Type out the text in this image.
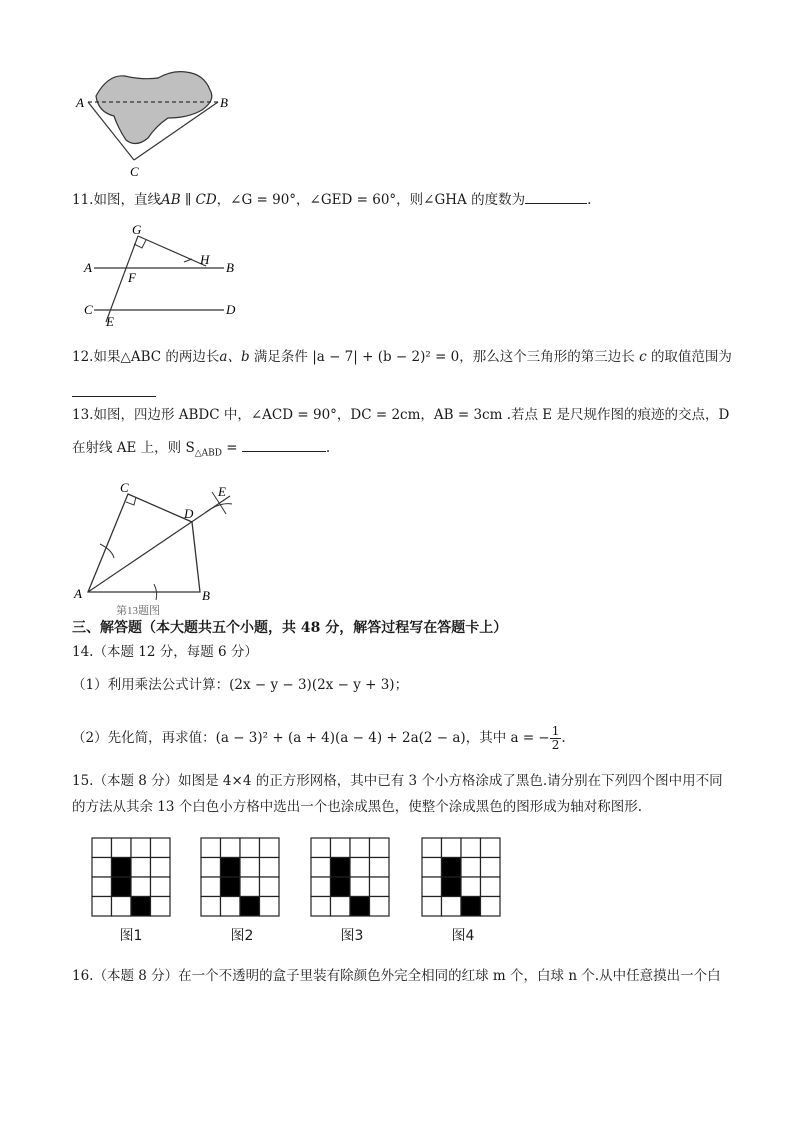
A	B
C
11.如图，直线AB ∥ CD，∠G = 90°，∠GED = 60°，则∠GHA 的度数为	.
G
H
A	B
F
C
E
D
12.如果△ABC 的两边长a、b 满足条件 |a − 7| + (b − 2)² = 0，那么这个三角形的第三边长 c 的取值范围为
13.如图，四边形 ABDC 中，∠ACD = 90°，DC = 2cm，AB = 3cm .若点 E 是尺规作图的痕迹的交点，D
在射线 AE 上，则 $S_{\triangle ABD}$ =	.
C
D
E
A	B
第13题图
三、解答题（本大题共五个小题，共 48 分，解答过程写在答题卡上）
14.（本题 12 分，每题 6 分）
（1）利用乘法公式计算：(2x − y − 3)(2x − y + 3)；
（2）先化简，再求值：(a − 3)² + (a + 4)(a − 4) + 2a(2 − a)，其中 a = − $\frac{1}{2}$ .
15.（本题 8 分）如图是 4×4 的正方形网格，其中已有 3 个小方格涂成了黑色.请分别在下列四个图中用不同
的方法从其余 13 个白色小方格中选出一个也涂成黑色，使整个涂成黑色的图形成为轴对称图形.
图1	图2	图3	图4
16.（本题 8 分）在一个不透明的盒子里装有除颜色外完全相同的红球 m 个，白球 n 个.从中任意摸出一个白
